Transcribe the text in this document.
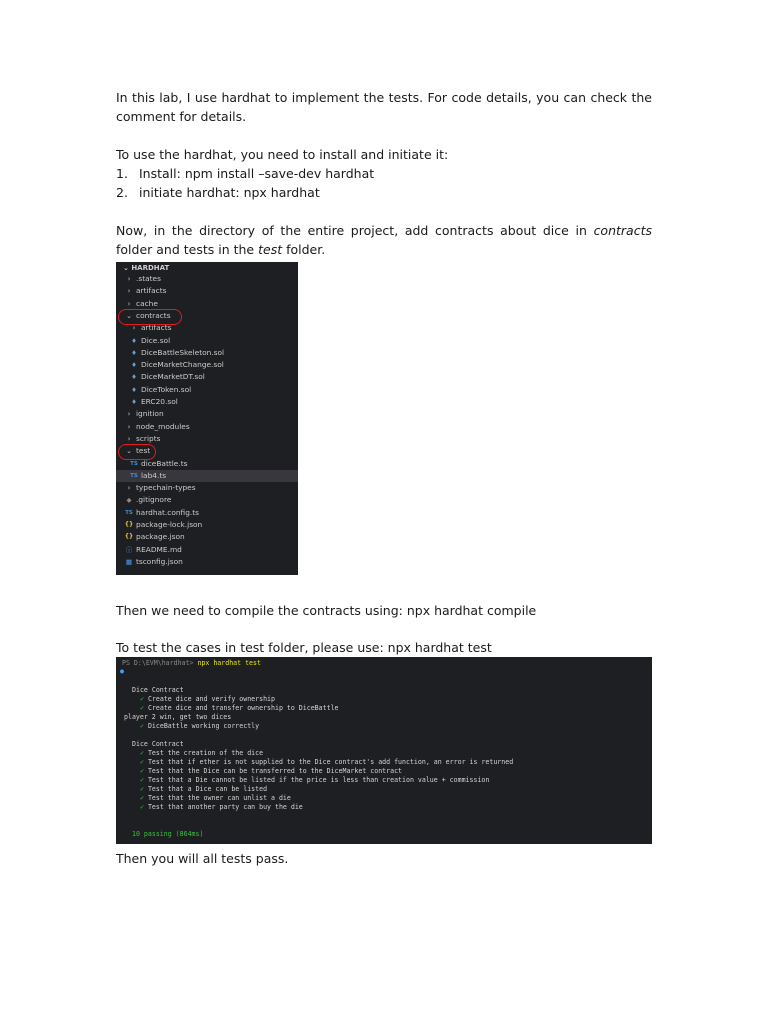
In this lab, I use hardhat to implement the tests. For code details, you can check the comment for details.

To use the hardhat, you need to install and initiate it:

1. Install: npm install –save-dev hardhat
2. initiate hardhat: npx hardhat

Now, in the directory of the entire project, add contracts about dice in contracts folder and tests in the test folder.

⌄ HARDHAT
› .states
› artifacts
› cache
⌄ contracts
› artifacts
♦ Dice.sol
♦ DiceBattleSkeleton.sol
♦ DiceMarketChange.sol
♦ DiceMarketDT.sol
♦ DiceToken.sol
♦ ERC20.sol
› ignition
› node_modules
› scripts
⌄ test
TS diceBattle.ts
TS lab4.ts
› typechain-types
◆ .gitignore
TS hardhat.config.ts
{} package-lock.json
{} package.json
ⓘ README.md
▦ tsconfig.json

Then we need to compile the contracts using: npx hardhat compile

To test the cases in test folder, please use: npx hardhat test

PS D:\EVM\hardhat> npx hardhat test
●
Dice Contract
✓ Create dice and verify ownership
✓ Create dice and transfer ownership to DiceBattle
player 2 win, get two dices
✓ DiceBattle working correctly
Dice Contract
✓ Test the creation of the dice
✓ Test that if ether is not supplied to the Dice contract's add function, an error is returned
✓ Test that the Dice can be transferred to the DiceMarket contract
✓ Test that a Die cannot be listed if the price is less than creation value + commission
✓ Test that a Dice can be listed
✓ Test that the owner can unlist a die
✓ Test that another party can buy the die
10 passing (864ms)

Then you will all tests pass.
